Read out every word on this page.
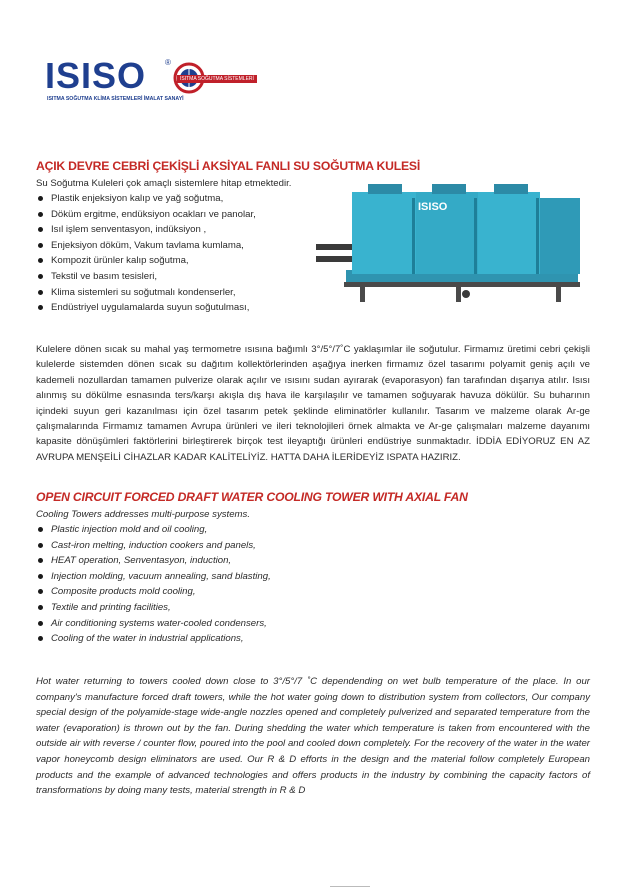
ISISO ®
ISITMA SOĞUTMA SİSTEMLERİ
ISITMA SOĞUTMA KLİMA SİSTEMLERİ İMALAT SANAYİ
AÇIK DEVRE CEBRİ ÇEKİŞLİ AKSİYAL FANLI SU SOĞUTMA KULESİ
Su Soğutma Kuleleri çok amaçlı sistemlere hitap etmektedir.
Plastik enjeksiyon kalıp ve yağ soğutma,
Döküm ergitme, endüksiyon ocakları ve panolar,
Isıl işlem senventasyon, indüksiyon ,
Enjeksiyon döküm, Vakum tavlama kumlama,
Kompozit ürünler kalıp soğutma,
Tekstil ve basım tesisleri,
Klima sistemleri su soğutmalı kondenserler,
Endüstriyel uygulamalarda suyun soğutulması,
ISISO
Kulelere dönen sıcak su mahal yaş termometre ısısına bağımlı 3°/5°/7˚C yaklaşımlar ile soğutulur. Firmamız üretimi cebri çekişli kulelerde sistemden dönen sıcak su dağıtım kollektörlerinden aşağıya inerken firmamız özel tasarımı polyamit geniş açılı ve kademeli nozullardan tamamen pulverize olarak açılır ve ısısını sudan ayırarak (evaporasyon) fan tarafından dışarıya atılır. Isısı alınmış su dökülme esnasında ters/karşı akışla dış hava ile karşılaşılır ve tamamen soğuyarak havuza dökülür. Su buharının içindeki suyun geri kazanılması için özel tasarım petek şeklinde eliminatörler kullanılır. Tasarım ve malzeme olarak Ar-ge çalışmalarında Firmamız tamamen Avrupa ürünleri ve ileri teknolojileri örnek almakta ve Ar-ge çalışmaları malzeme dayanımı kapasite dönüşümleri faktörlerini birleştirerek birçok test ileyaptığı ürünleri endüstriye sunmaktadır. İDDİA EDİYORUZ EN AZ AVRUPA MENŞEİLİ CİHAZLAR KADAR KALİTELİYİZ. HATTA DAHA İLERİDEYİZ ISPATA HAZIRIZ.
OPEN CIRCUIT FORCED DRAFT WATER COOLING TOWER WITH AXIAL FAN
Cooling Towers addresses multi-purpose systems.
Plastic injection mold and oil cooling,
Cast-iron melting, induction cookers and panels,
HEAT operation, Senventasyon, induction,
Injection molding, vacuum annealing, sand blasting,
Composite products mold cooling,
Textile and printing facilities,
Air conditioning systems water-cooled condensers,
Cooling of the water in industrial applications,
Hot water returning to towers cooled down close to 3°/5°/7 ˚C dependending on wet bulb temperature of the place. In our company's manufacture forced draft towers, while the hot water going down to distribution system from collectors, Our company special design of the polyamide-stage wide-angle nozzles opened and completely pulverized and separated temperature from the water (evaporation) is thrown out by the fan. During shedding the water which temperature is taken from encountered with the outside air with reverse / counter flow, poured into the pool and cooled down completely. For the recovery of the water in the water vapor honeycomb design eliminators are used. Our R & D efforts in the design and the material follow completely European products and the example of advanced technologies and offers products in the industry by combining the capacity factors of transformations by doing many tests, material strength in R & D
